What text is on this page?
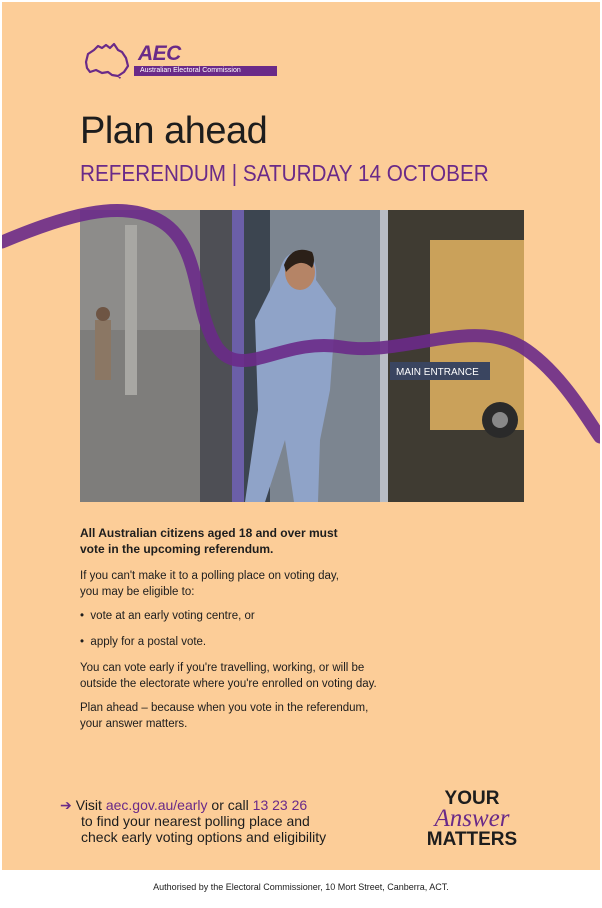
AEC
Australian Electoral Commission
Plan ahead
REFERENDUM | SATURDAY 14 OCTOBER
MAIN ENTRANCE
All Australian citizens aged 18 and over must
vote in the upcoming referendum.
If you can't make it to a polling place on voting day,
you may be eligible to:
•  vote at an early voting centre, or
•  apply for a postal vote.
You can vote early if you're travelling, working, or will be
outside the electorate where you're enrolled on voting day.
Plan ahead – because when you vote in the referendum,
your answer matters.
➔ Visit aec.gov.au/early or call 13 23 26
to find your nearest polling place and
check early voting options and eligibility
YOUR
Answer
MATTERS
Authorised by the Electoral Commissioner, 10 Mort Street, Canberra, ACT.
